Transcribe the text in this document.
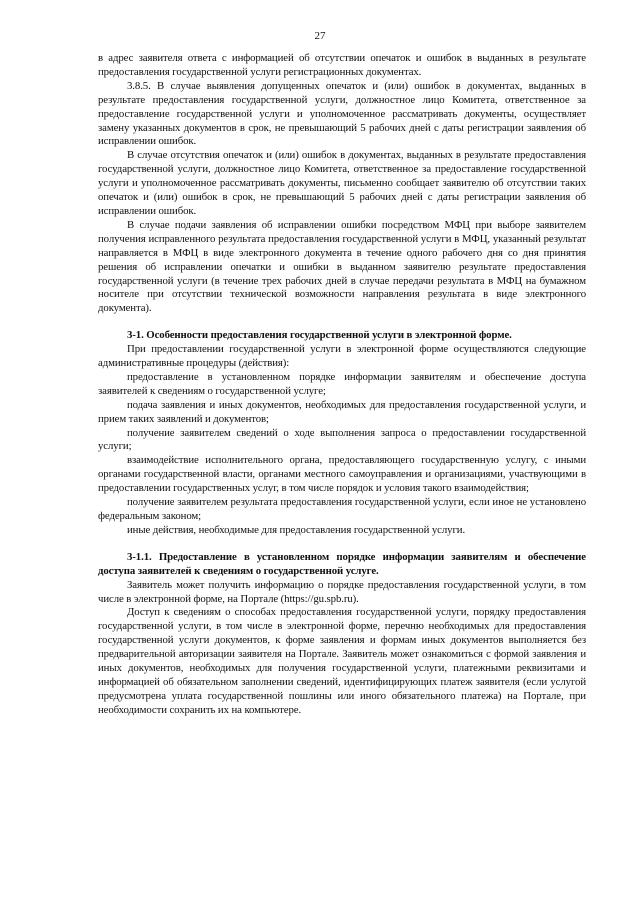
27

в адрес заявителя ответа с информацией об отсутствии опечаток и ошибок в выданных в результате предоставления государственной услуги регистрационных документах.

3.8.5. В случае выявления допущенных опечаток и (или) ошибок в документах, выданных в результате предоставления государственной услуги, должностное лицо Комитета, ответственное за предоставление государственной услуги и уполномоченное рассматривать документы, осуществляет замену указанных документов в срок, не превышающий 5 рабочих дней с даты регистрации заявления об исправлении ошибок.

В случае отсутствия опечаток и (или) ошибок в документах, выданных в результате предоставления государственной услуги, должностное лицо Комитета, ответственное за предоставление государственной услуги и уполномоченное рассматривать документы, письменно сообщает заявителю об отсутствии таких опечаток и (или) ошибок в срок, не превышающий 5 рабочих дней с даты регистрации заявления об исправлении ошибок.

В случае подачи заявления об исправлении ошибки посредством МФЦ при выборе заявителем получения исправленного результата предоставления государственной услуги в МФЦ, указанный результат направляется в МФЦ в виде электронного документа в течение одного рабочего дня со дня принятия решения об исправлении опечатки и ошибки в выданном заявителю результате предоставления государственной услуги (в течение трех рабочих дней в случае передачи результата в МФЦ на бумажном носителе при отсутствии технической возможности направления результата в виде электронного документа).

3-1. Особенности предоставления государственной услуги в электронной форме.

При предоставлении государственной услуги в электронной форме осуществляются следующие административные процедуры (действия):

предоставление в установленном порядке информации заявителям и обеспечение доступа заявителей к сведениям о государственной услуге;

подача заявления и иных документов, необходимых для предоставления государственной услуги, и прием таких заявлений и документов;

получение заявителем сведений о ходе выполнения запроса о предоставлении государственной услуги;

взаимодействие исполнительного органа, предоставляющего государственную услугу, с иными органами государственной власти, органами местного самоуправления и организациями, участвующими в предоставлении государственных услуг, в том числе порядок и условия такого взаимодействия;

получение заявителем результата предоставления государственной услуги, если иное не установлено федеральным законом;

иные действия, необходимые для предоставления государственной услуги.

3-1.1. Предоставление в установленном порядке информации заявителям и обеспечение доступа заявителей к сведениям о государственной услуге.

Заявитель может получить информацию о порядке предоставления государственной услуги, в том числе в электронной форме, на Портале (https://gu.spb.ru).

Доступ к сведениям о способах предоставления государственной услуги, порядку предоставления государственной услуги, в том числе в электронной форме, перечню необходимых для предоставления государственной услуги документов, к форме заявления и формам иных документов выполняется без предварительной авторизации заявителя на Портале. Заявитель может ознакомиться с формой заявления и иных документов, необходимых для получения государственной услуги, платежными реквизитами и информацией об обязательном заполнении сведений, идентифицирующих платеж заявителя (если услугой предусмотрена уплата государственной пошлины или иного обязательного платежа) на Портале, при необходимости сохранить их на компьютере.
